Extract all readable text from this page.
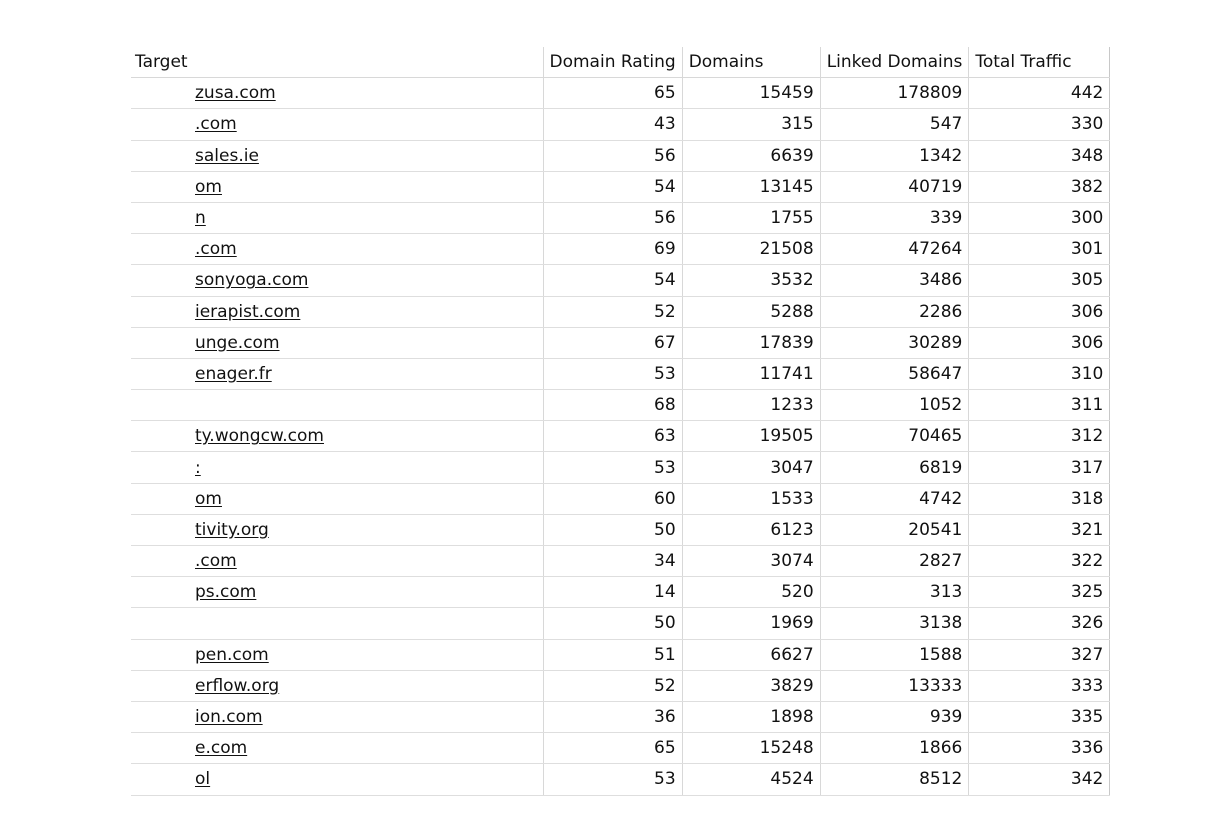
Target	Domain Rating	Domains	Linked Domains	Total Traffic
zusa.com	65	15459	178809	442
.com	43	315	547	330
sales.ie	56	6639	1342	348
om	54	13145	40719	382
n	56	1755	339	300
.com	69	21508	47264	301
sonyoga.com	54	3532	3486	305
ierapist.com	52	5288	2286	306
unge.com	67	17839	30289	306
enager.fr	53	11741	58647	310
	68	1233	1052	311
ty.wongcw.com	63	19505	70465	312
:	53	3047	6819	317
om	60	1533	4742	318
tivity.org	50	6123	20541	321
.com	34	3074	2827	322
ps.com	14	520	313	325
	50	1969	3138	326
pen.com	51	6627	1588	327
erflow.org	52	3829	13333	333
ion.com	36	1898	939	335
e.com	65	15248	1866	336
ol	53	4524	8512	342
